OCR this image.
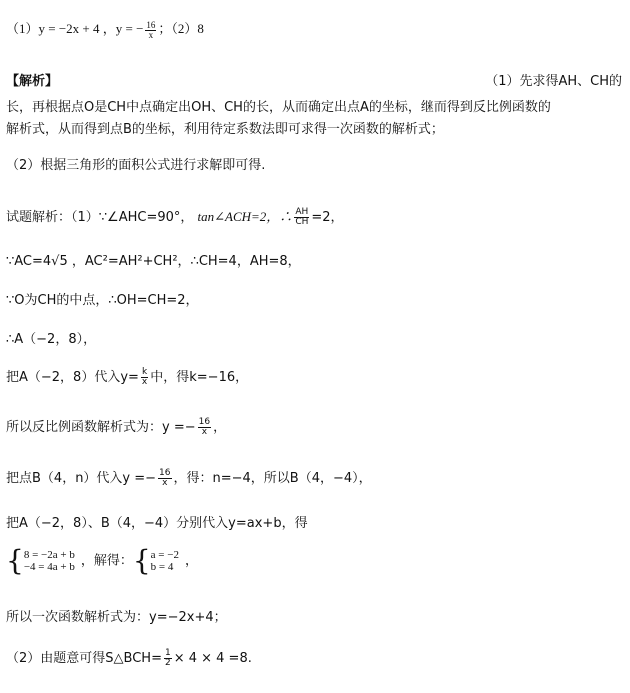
（1）y = −2x + 4 ，y = − $\frac{16}{x}$ ；（2）8
【解析】	（1）先求得AH、CH的
长，再根据点O是CH中点确定出OH、CH的长，从而确定出点A的坐标，继而得到反比例函数的
解析式，从而得到点B的坐标，利用待定系数法即可求得一次函数的解析式；
（2）根据三角形的面积公式进行求解即可得.
试题解析：（1）∵∠AHC=90°， tan∠ACH=2，∴ $\frac{AH}{CH} =2$，
∵AC=4√5 ，AC²=AH²+CH²，∴CH=4，AH=8，
∵O为CH的中点，∴OH=CH=2，
∴A（−2，8），
把A（−2，8）代入$y= \frac{k}{x}$ 中，得k=−16，
所以反比例函数解析式为：$y =- \frac{16}{x}$ ，
把点B（4，n）代入$y =- \frac{16}{x}$ ，得：n=−4，所以B（4，−4），
把A（−2，8）、B（4，−4）分别代入y=ax+b，得
{ 8 = −2a + b
−4 = 4a + b ，解得：{ a = −2
b = 4 ，
所以一次函数解析式为：y=−2x+4；
（2）由题意可得S△BCH= $\frac{1}{2} \times 4 \times 4 =8$.
